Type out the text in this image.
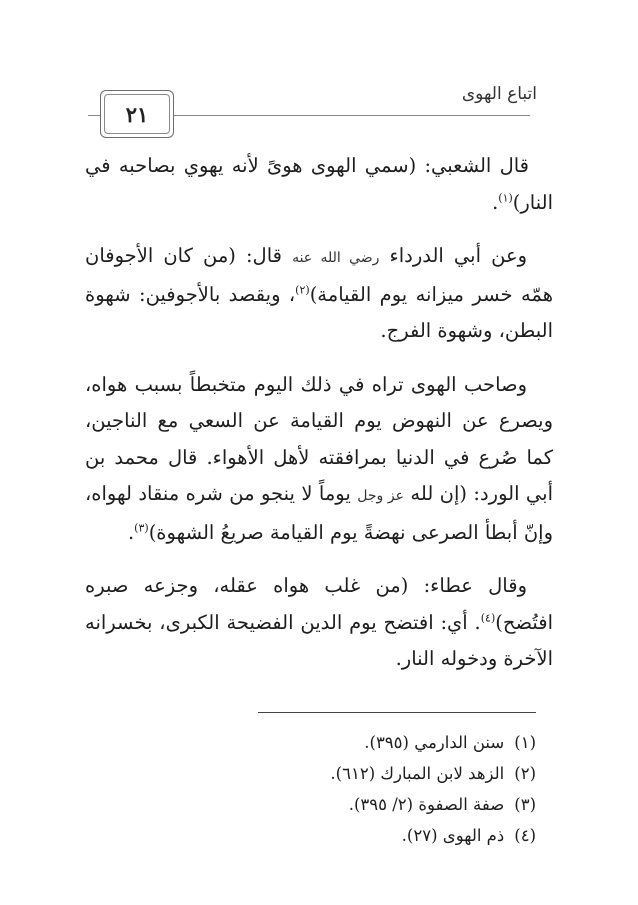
٢١
اتباع الهوى

قال الشعبي: (سمي الهوى هوىً لأنه يهوي بصاحبه في النار)$^{(١)}$.

وعن أبي الدرداء رضي الله عنه قال: (من كان الأجوفان همّه خسر ميزانه يوم القيامة)$^{(٢)}$، ويقصد بالأجوفين: شهوة البطن، وشهوة الفرج.

وصاحب الهوى تراه في ذلك اليوم متخبطاً بسبب هواه، ويصرع عن النهوض يوم القيامة عن السعي مع الناجين، كما صُرع في الدنيا بمرافقته لأهل الأهواء. قال محمد بن أبي الورد: (إن لله عز وجل يوماً لا ينجو من شره منقاد لهواه، وإنّ أبطأ الصرعى نهضةً يوم القيامة صريعُ الشهوة)$^{(٣)}$.

وقال عطاء: (من غلب هواه عقله، وجزعه صبره افتُضح)$^{(٤)}$. أي: افتضح يوم الدين الفضيحة الكبرى، بخسرانه الآخرة ودخوله النار.

(١)سنن الدارمي (٣٩٥).
(٢)الزهد لابن المبارك (٦١٢).
(٣)صفة الصفوة (٢/ ٣٩٥).
(٤)ذم الهوى (٢٧).
